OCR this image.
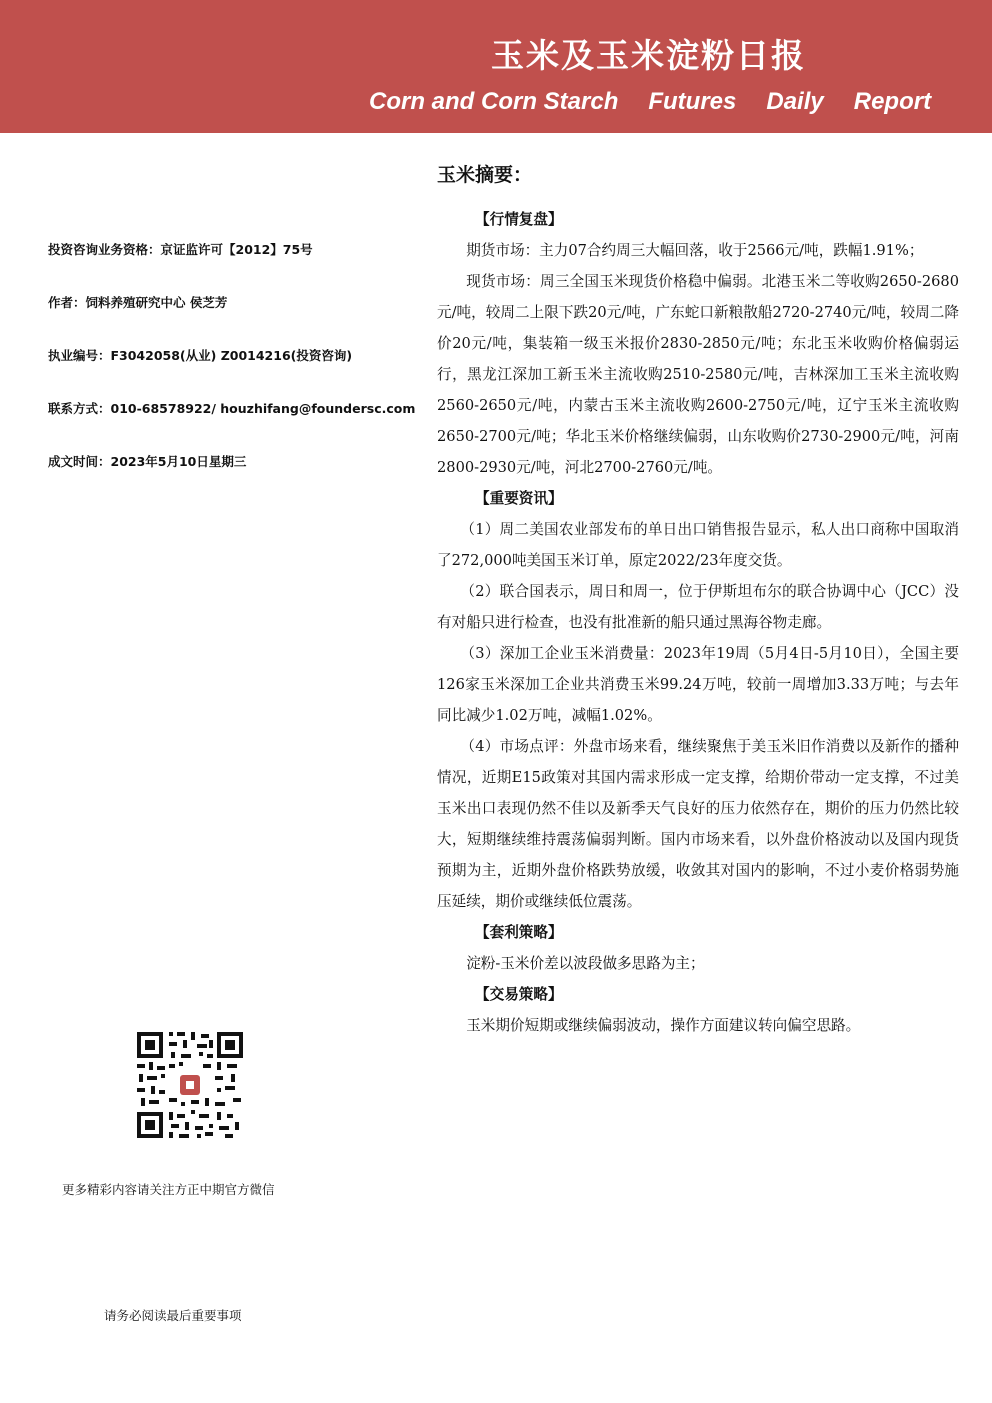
玉米及玉米淀粉日报
Corn and Corn Starch Futures Daily Report
投资咨询业务资格：京证监许可【2012】75号
作者：饲料养殖研究中心 侯芝芳
执业编号：F3042058(从业) Z0014216(投资咨询)
联系方式：010-68578922/ houzhifang@foundersc.com
成文时间：2023年5月10日星期三
更多精彩内容请关注方正中期官方微信
请务必阅读最后重要事项
玉米摘要：
【行情复盘】

期货市场：主力07合约周三大幅回落，收于2566元/吨，跌幅1.91%；

现货市场：周三全国玉米现货价格稳中偏弱。北港玉米二等收购2650-2680元/吨，较周二上限下跌20元/吨，广东蛇口新粮散船2720-2740元/吨，较周二降价20元/吨，集装箱一级玉米报价2830-2850元/吨；东北玉米收购价格偏弱运行，黑龙江深加工新玉米主流收购2510-2580元/吨，吉林深加工玉米主流收购2560-2650元/吨，内蒙古玉米主流收购2600-2750元/吨，辽宁玉米主流收购2650-2700元/吨；华北玉米价格继续偏弱，山东收购价2730-2900元/吨，河南2800-2930元/吨，河北2700-2760元/吨。

【重要资讯】

（1）周二美国农业部发布的单日出口销售报告显示，私人出口商称中国取消了272,000吨美国玉米订单，原定2022/23年度交货。

（2）联合国表示，周日和周一，位于伊斯坦布尔的联合协调中心（JCC）没有对船只进行检查，也没有批准新的船只通过黑海谷物走廊。

（3）深加工企业玉米消费量：2023年19周（5月4日-5月10日），全国主要126家玉米深加工企业共消费玉米99.24万吨，较前一周增加3.33万吨；与去年同比减少1.02万吨，减幅1.02%。

（4）市场点评：外盘市场来看，继续聚焦于美玉米旧作消费以及新作的播种情况，近期E15政策对其国内需求形成一定支撑，给期价带动一定支撑，不过美玉米出口表现仍然不佳以及新季天气良好的压力依然存在，期价的压力仍然比较大，短期继续维持震荡偏弱判断。国内市场来看，以外盘价格波动以及国内现货预期为主，近期外盘价格跌势放缓，收敛其对国内的影响，不过小麦价格弱势施压延续，期价或继续低位震荡。

【套利策略】

淀粉-玉米价差以波段做多思路为主；

【交易策略】

玉米期价短期或继续偏弱波动，操作方面建议转向偏空思路。
